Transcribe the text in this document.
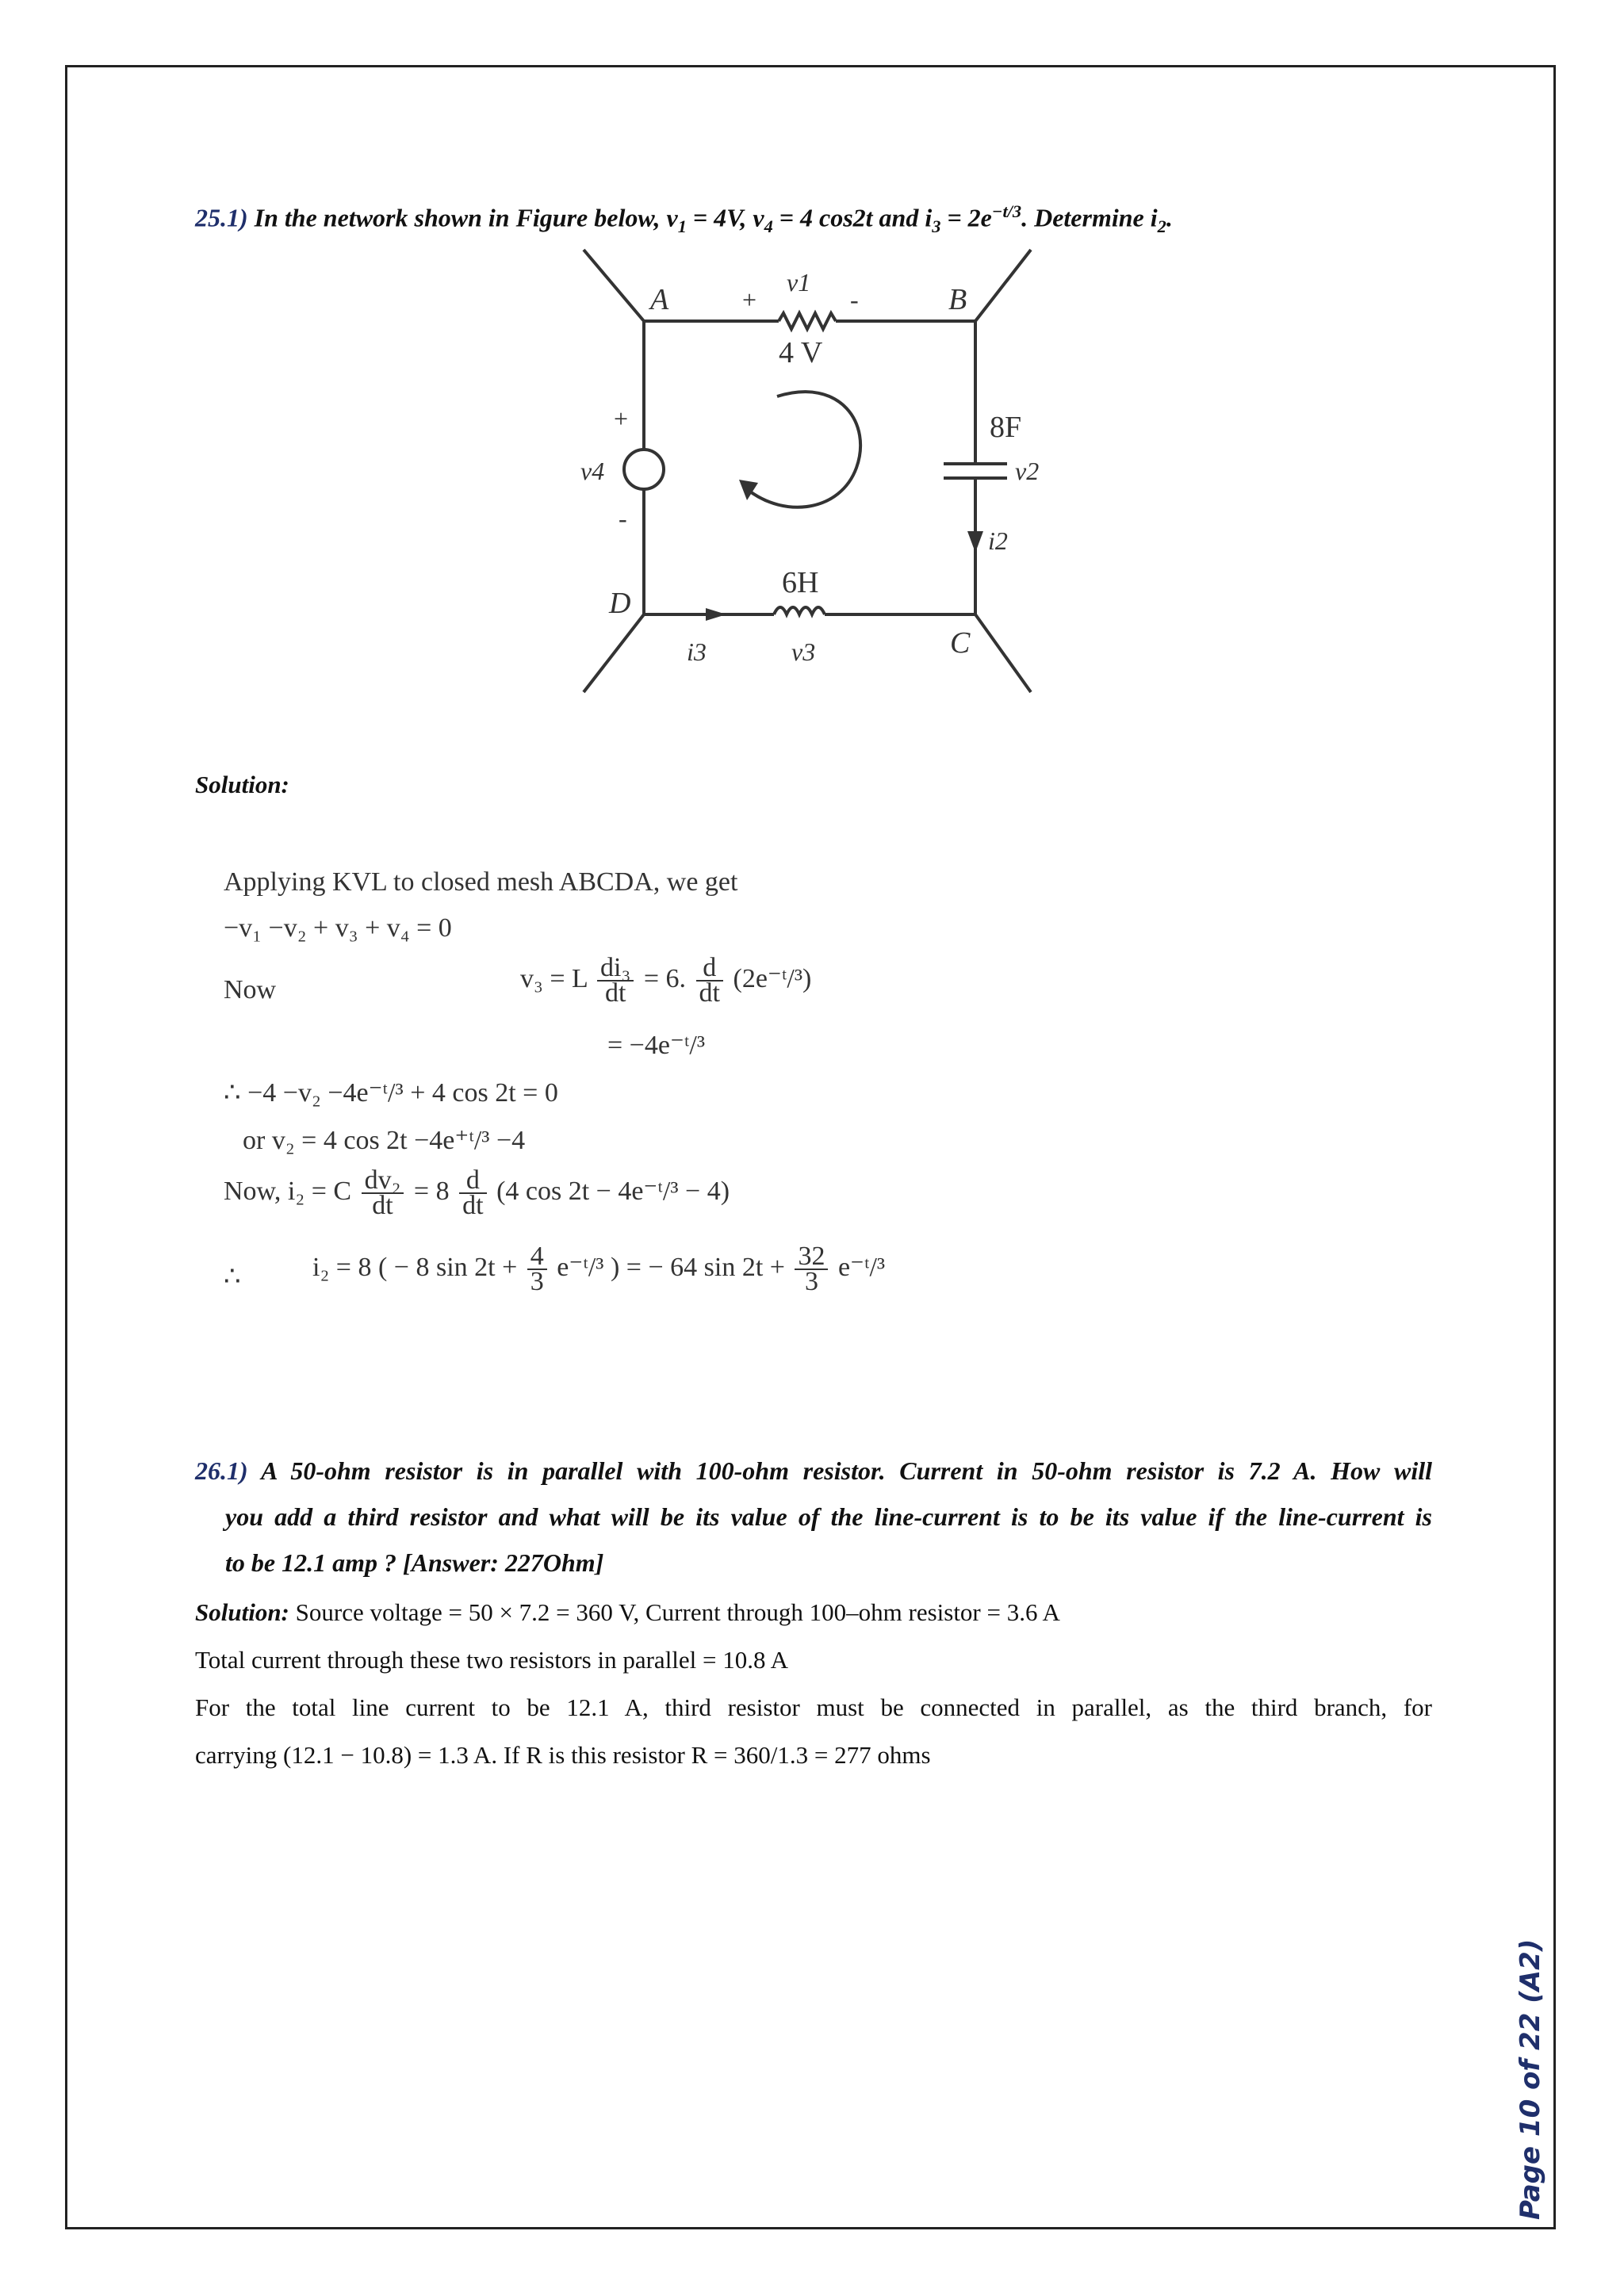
25.1) In the network shown in Figure below, $v_1 = 4V$, $v_4 = 4$ cos2t and $i_3 = 2e^{-t/3}$. Determine $i_2$.
A	B
C
D
v1
+	-
4 V
8F
v2
i2
v4
+
-
6H
i3	v3
Solution:
Applying KVL to closed mesh ABCDA, we get
−v₁ −v₂ + v₃ + v₄ = 0
Now	v₃ = L $\frac{\text{di₃}}{dt} = 6$. $\frac{d}{dt}$ (2e⁻ᵗ/³)
= −4e⁻ᵗ/³
∴ −4 −v₂ −4e⁻ᵗ/³ + 4 cos 2t = 0
or v₂ = 4 cos 2t −4e⁺ᵗ/³ −4
Now, i₂ = C $\frac{\text{dv₂}}{dt} = 8 \frac{d}{dt} (4$ cos 2t − 4e⁻ᵗ/³ − 4)
∴	i₂ = 8 ( − 8 $\sin 2t + \frac{4}{3}$ e⁻ᵗ/³ ) = − 64 $\sin 2t + \frac{32}{3}$ e⁻ᵗ/³
26.1) A 50-ohm resistor is in parallel with 100-ohm resistor. Current in 50-ohm resistor is 7.2 A. How will
you add a third resistor and what will be its value of the line-current is to be its value if the line-current is
to be 12.1 amp ? [Answer: 227Ohm]
Solution: Source voltage = 50 × 7.2 = 360 V, Current through 100–ohm resistor = 3.6 A
Total current through these two resistors in parallel = 10.8 A
For the total line current to be 12.1 A, third resistor must be connected in parallel, as the third branch, for
carrying (12.1 − 10.8) = 1.3 A. If R is this resistor R = 360/1.3 = 277 ohms
Page 10 of 22 (A2)
